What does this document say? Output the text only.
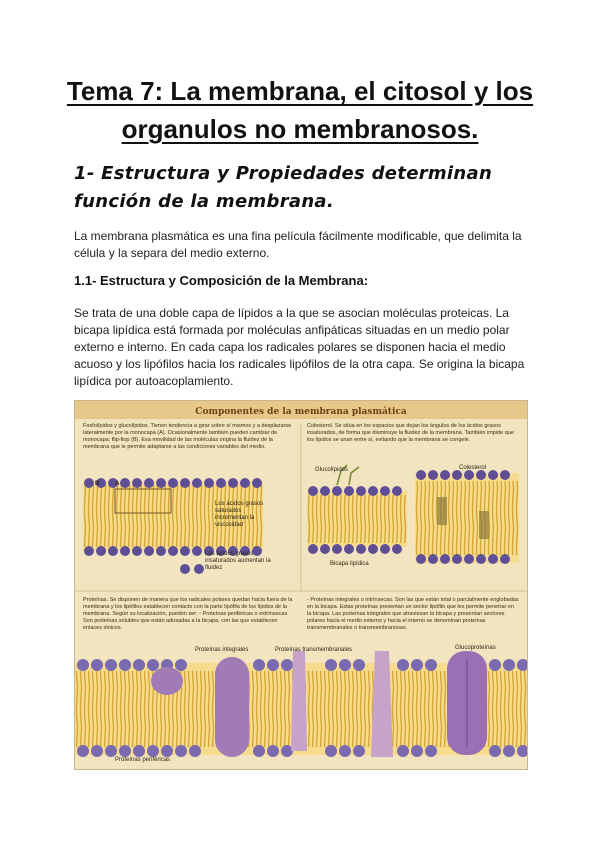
Tema 7: La membrana, el citosol y los organulos no membranosos.
1- Estructura y Propiedades determinan función de la membrana.
La membrana plasmática es una fina película fácilmente modificable, que delimita la célula y la separa del medio externo.
1.1- Estructura y Composición de la Membrana:
Se trata de una doble capa de lípidos a la que se asocian moléculas proteicas. La bicapa lipídica está formada por moléculas anfipáticas situadas en un medio polar externo e interno. En cada capa los radicales polares se disponen hacia el medio acuoso y los lipófilos hacia los radicales lipófilos de la otra capa. Se origina la bicapa lipídica por autoacoplamiento.
Componentes de la membrana plasmática
Fosfolípidos y glucolípidos. Tienen tendencia a girar sobre sí mismos y a desplazarse lateralmente por la monocapa (A). Ocasionalmente también pueden cambiar de monocapa: flip-flop (B). Esa movilidad de las moléculas origina la fluidez de la membrana que le permite adaptarse a las condiciones variables del medio.
Colesterol. Se sitúa en los espacios que dejan los ángulos de los ácidos grasos insaturados, de forma que disminuye la fluidez de la membrana. También impide que los lípidos se unan entre sí, evitando que la membrana se congele.
A
B
Los ácidos grasos saturados incrementan la viscosidad
Los ácidos grasos insaturados aumentan la fluidez
Glucolípidos	Colesterol
Bicapa lipídica
Proteínas. Se disponen de manera que los radicales polares quedan hacia fuera de la membrana y los lipófilos establecen contacto con la parte lipófila de los lípidos de la membrana. Según su localización, pueden ser: - Proteínas periféricas o extrínsecas. Son proteínas solubles que están adosadas a la bicapa, con las que establecen enlaces iónicos.
- Proteínas integrales o intrínsecas. Son las que están total o parcialmente englobadas en la bicapa. Estas proteínas presentan un sector lipófilo que les permite penetrar en la bicapa. Las proteínas integrales que atraviesan la bicapa y presentan sectores polares hacia el medio externo y hacia el interno se denominan proteínas transmembranales o transmembranosas.
Proteínas integrales	Proteínas transmembranales	Glucoproteínas
Proteínas periféricas
